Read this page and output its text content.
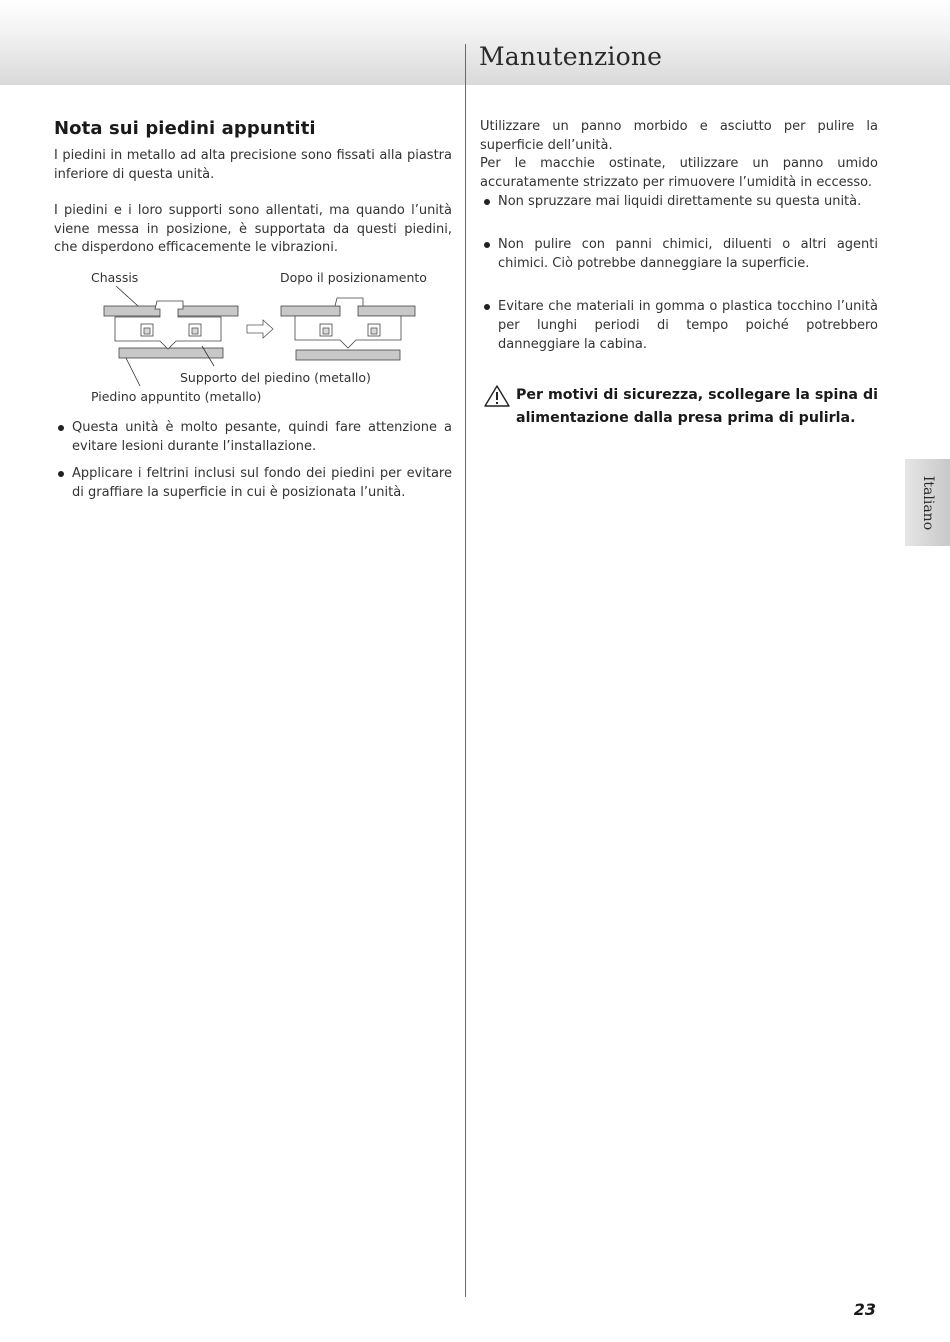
Manutenzione
Nota sui piedini appuntiti

I piedini in metallo ad alta precisione sono fissati alla piastra inferiore di questa unità.

I piedini e i loro supporti sono allentati, ma quando l’unità viene messa in posizione, è supportata da questi piedini, che disperdono efficacemente le vibrazioni.

Chassis	Dopo il posizionamento
Supporto del piedino (metallo)
Piedino appuntito (metallo)
Questa unità è molto pesante, quindi fare attenzione a evitare lesioni durante l’installazione.
Applicare i feltrini inclusi sul fondo dei piedini per evitare di graffiare la superficie in cui è posizionata l’unità.

Utilizzare un panno morbido e asciutto per pulire la superficie dell’unità.

Per le macchie ostinate, utilizzare un panno umido accuratamente strizzato per rimuovere l’umidità in eccesso.

Non spruzzare mai liquidi direttamente su questa unità.
Non pulire con panni chimici, diluenti o altri agenti chimici. Ciò potrebbe danneggiare la superficie.
Evitare che materiali in gomma o plastica tocchino l’unità per lunghi periodi di tempo poiché potrebbero danneggiare la cabina.
Per motivi di sicurezza, scollegare la spina di alimentazione dalla presa prima di pulirla.
Italiano
23
